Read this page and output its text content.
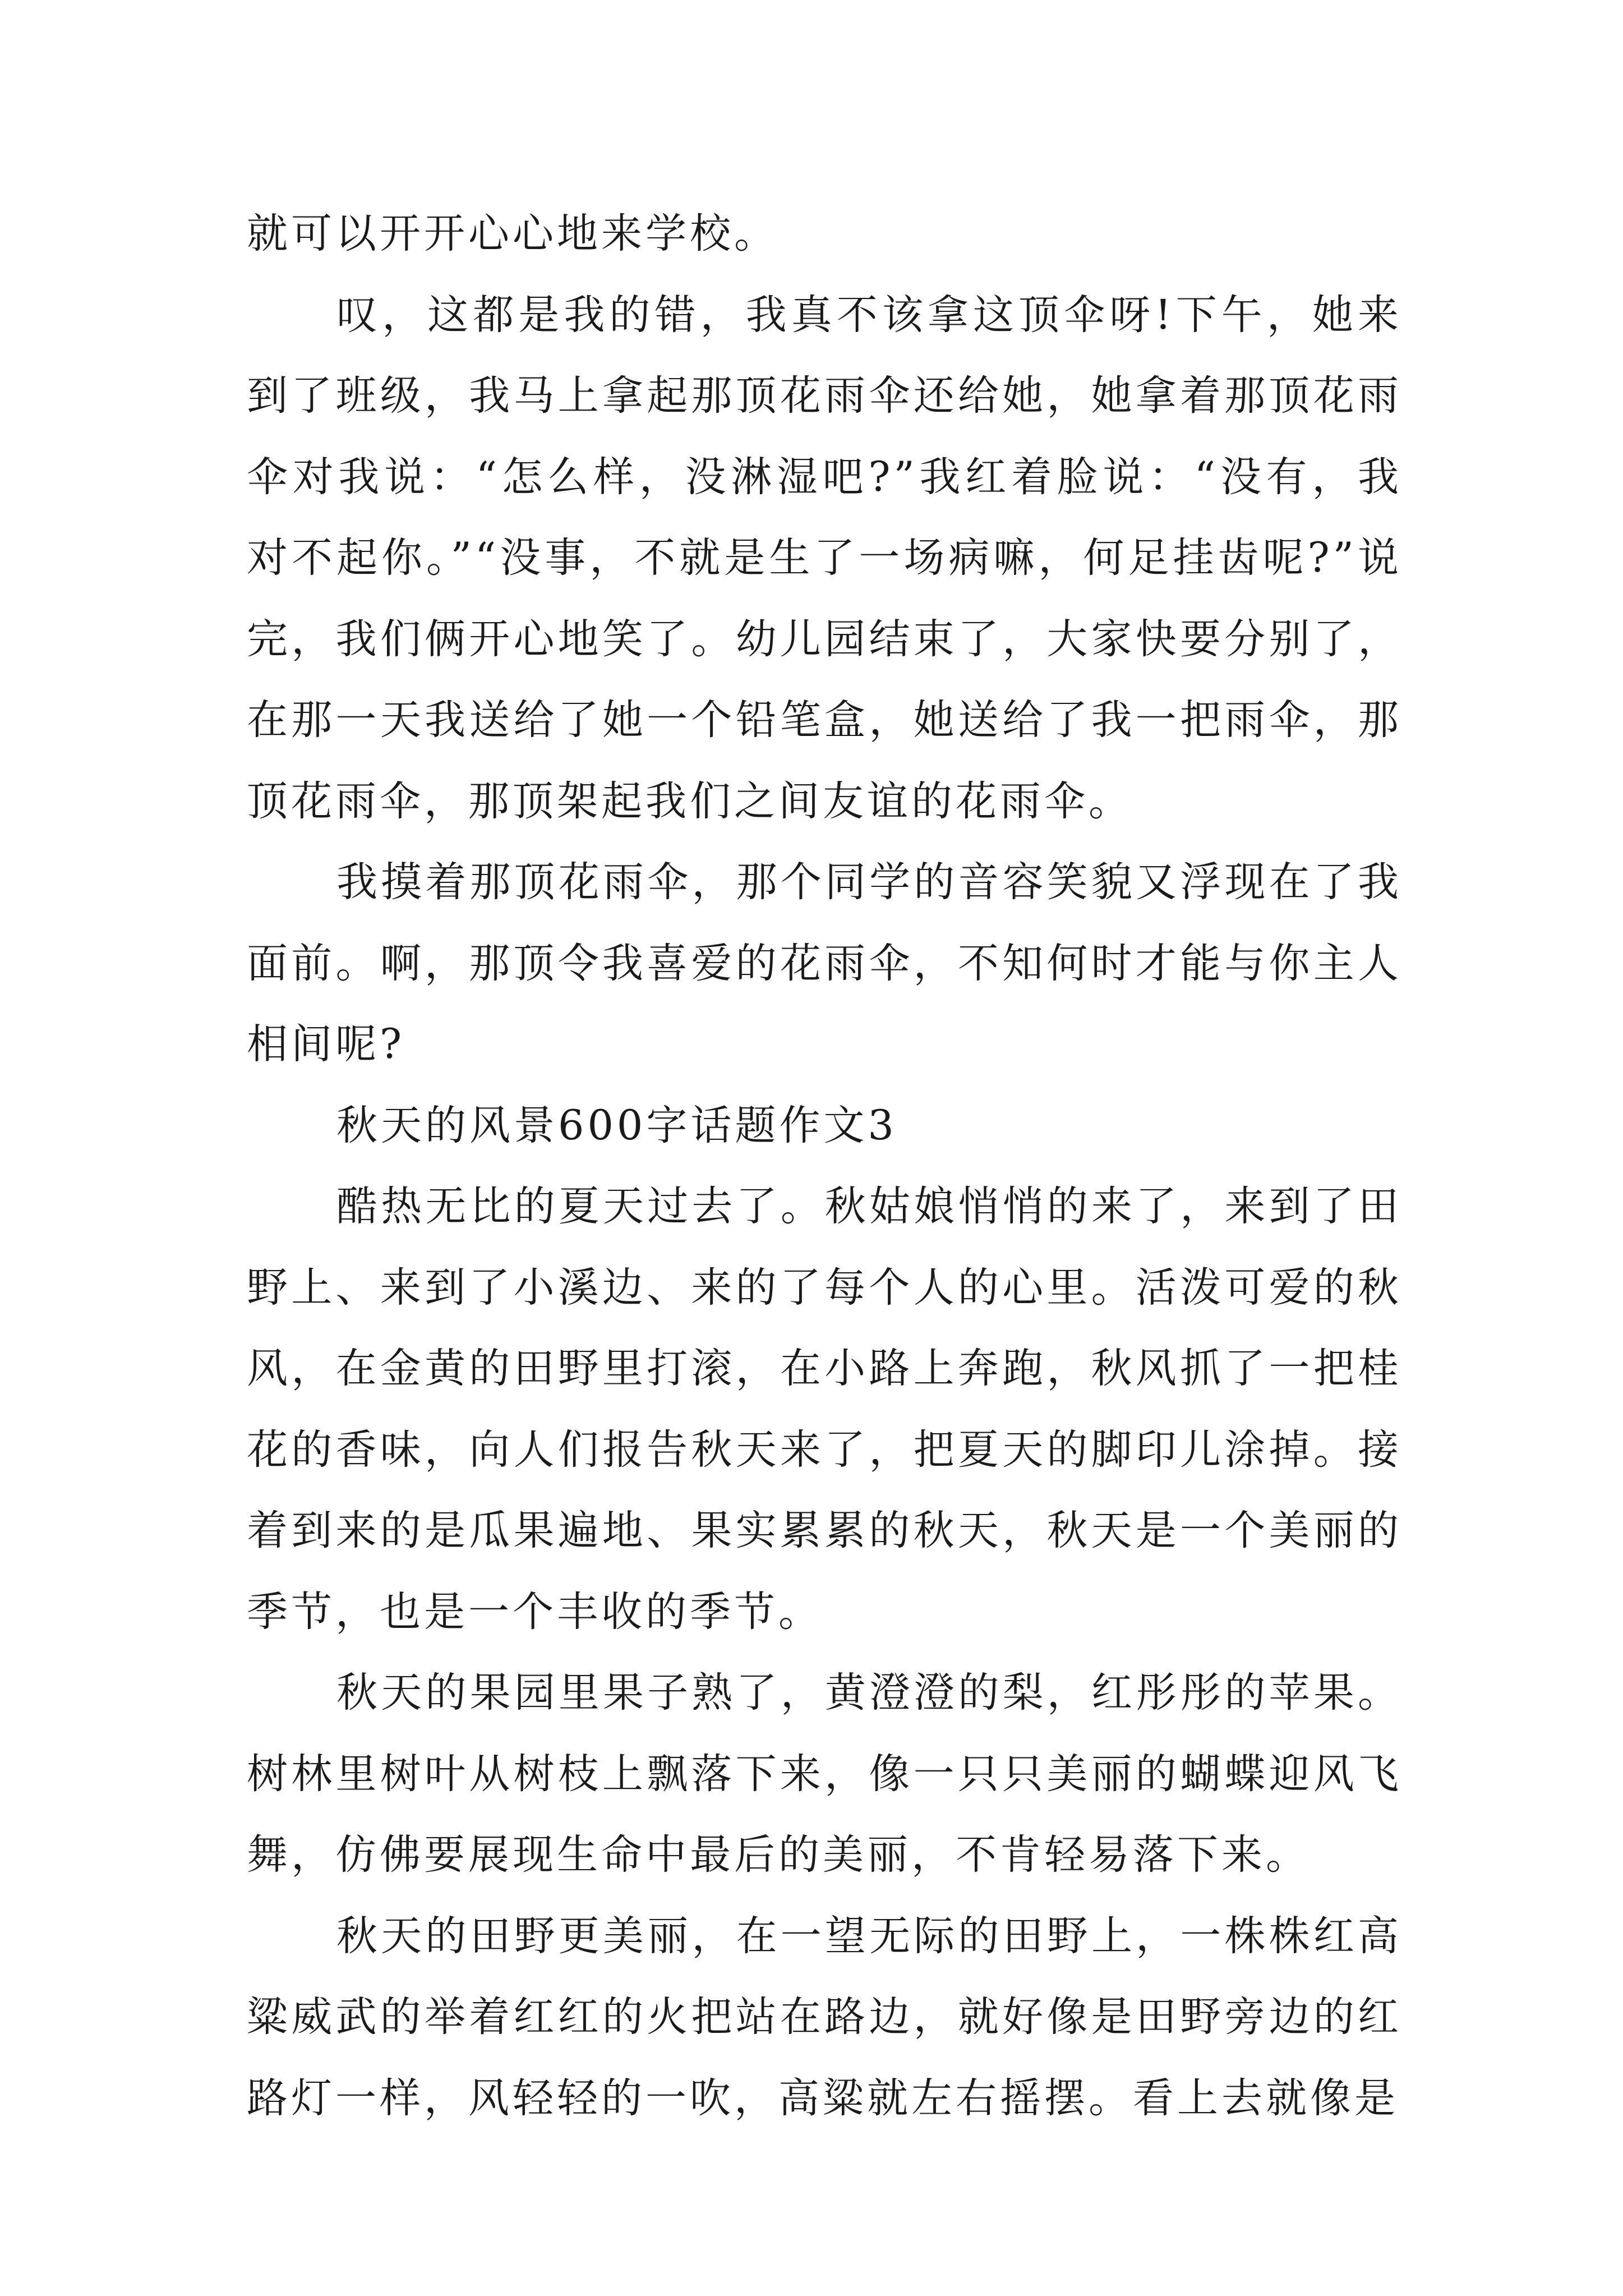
就可以开开心心地来学校。

叹，这都是我的错，我真不该拿这顶伞呀!下午，她来到了班级，我马上拿起那顶花雨伞还给她，她拿着那顶花雨伞对我说：“怎么样，没淋湿吧?”我红着脸说：“没有，我对不起你。”“没事，不就是生了一场病嘛，何足挂齿呢?”说完，我们俩开心地笑了。幼儿园结束了，大家快要分别了，在那一天我送给了她一个铅笔盒，她送给了我一把雨伞，那顶花雨伞，那顶架起我们之间友谊的花雨伞。

我摸着那顶花雨伞，那个同学的音容笑貌又浮现在了我面前。啊，那顶令我喜爱的花雨伞，不知何时才能与你主人相间呢?

秋天的风景600字话题作文3

酷热无比的夏天过去了。秋姑娘悄悄的来了，来到了田野上、来到了小溪边、来的了每个人的心里。活泼可爱的秋风，在金黄的田野里打滚，在小路上奔跑，秋风抓了一把桂花的香味，向人们报告秋天来了，把夏天的脚印儿涂掉。接着到来的是瓜果遍地、果实累累的秋天，秋天是一个美丽的季节，也是一个丰收的季节。

秋天的果园里果子熟了，黄澄澄的梨，红彤彤的苹果。树林里树叶从树枝上飘落下来，像一只只美丽的蝴蝶迎风飞舞，仿佛要展现生命中最后的美丽，不肯轻易落下来。

秋天的田野更美丽，在一望无际的田野上，一株株红高粱威武的举着红红的火把站在路边，就好像是田野旁边的红路灯一样，风轻轻的一吹，高粱就左右摇摆。看上去就像是
